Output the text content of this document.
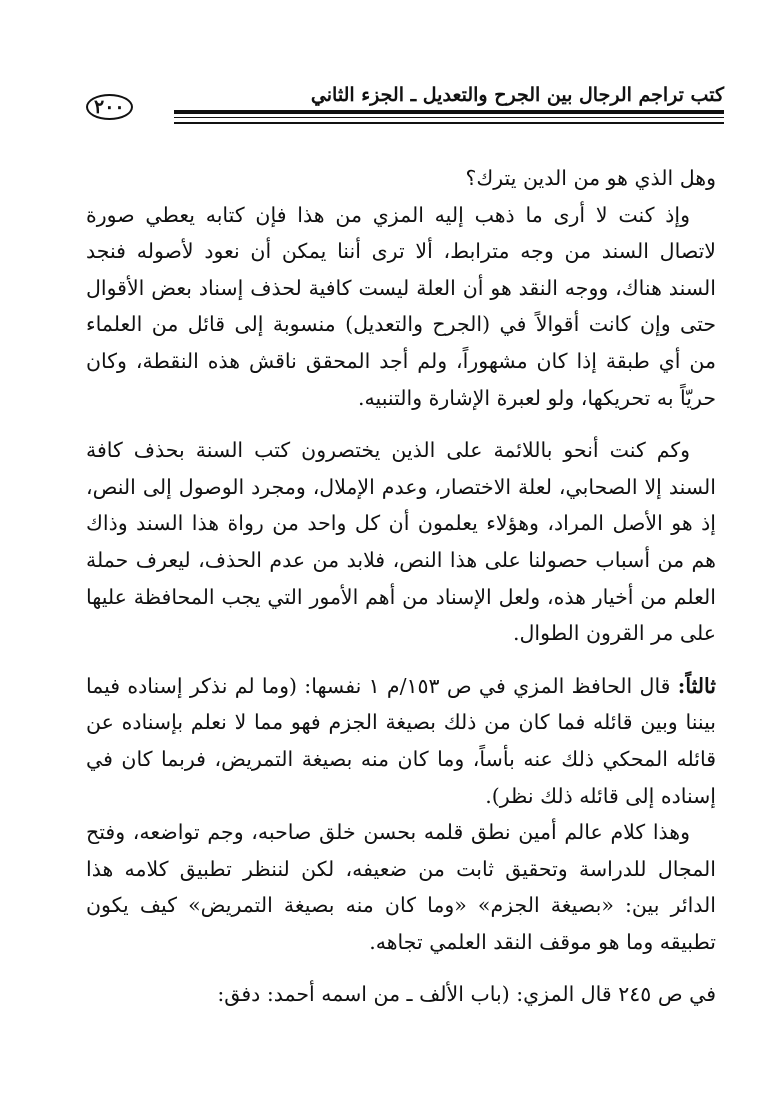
كتب تراجم الرجال بين الجرح والتعديل ـ الجزء الثاني
٢٠٠

وهل الذي هو من الدين يترك؟

وإذ كنت لا أرى ما ذهب إليه المزي من هذا فإن كتابه يعطي صورة لاتصال السند من وجه مترابط، ألا ترى أننا يمكن أن نعود لأصوله فنجد السند هناك، ووجه النقد هو أن العلة ليست كافية لحذف إسناد بعض الأقوال حتى وإن كانت أقوالاً في (الجرح والتعديل) منسوبة إلى قائل من العلماء من أي طبقة إذا كان مشهوراً، ولم أجد المحقق ناقش هذه النقطة، وكان حريّاً به تحريكها، ولو لعبرة الإشارة والتنبيه.

وكم كنت أنحو باللائمة على الذين يختصرون كتب السنة بحذف كافة السند إلا الصحابي، لعلة الاختصار، وعدم الإملال، ومجرد الوصول إلى النص، إذ هو الأصل المراد، وهؤلاء يعلمون أن كل واحد من رواة هذا السند وذاك هم من أسباب حصولنا على هذا النص، فلابد من عدم الحذف، ليعرف حملة العلم من أخيار هذه، ولعل الإسناد من أهم الأمور التي يجب المحافظة عليها على مر القرون الطوال.

ثالثاً: قال الحافظ المزي في ص ١٥٣/م ١ نفسها: (وما لم نذكر إسناده فيما بيننا وبين قائله فما كان من ذلك بصيغة الجزم فهو مما لا نعلم بإسناده عن قائله المحكي ذلك عنه بأساً، وما كان منه بصيغة التمريض، فربما كان في إسناده إلى قائله ذلك نظر).

وهذا كلام عالم أمين نطق قلمه بحسن خلق صاحبه، وجم تواضعه، وفتح المجال للدراسة وتحقيق ثابت من ضعيفه، لكن لننظر تطبيق كلامه هذا الدائر بين: «بصيغة الجزم» «وما كان منه بصيغة التمريض» كيف يكون تطبيقه وما هو موقف النقد العلمي تجاهه.

في ص ٢٤٥ قال المزي: (باب الألف ـ من اسمه أحمد: دفق:
